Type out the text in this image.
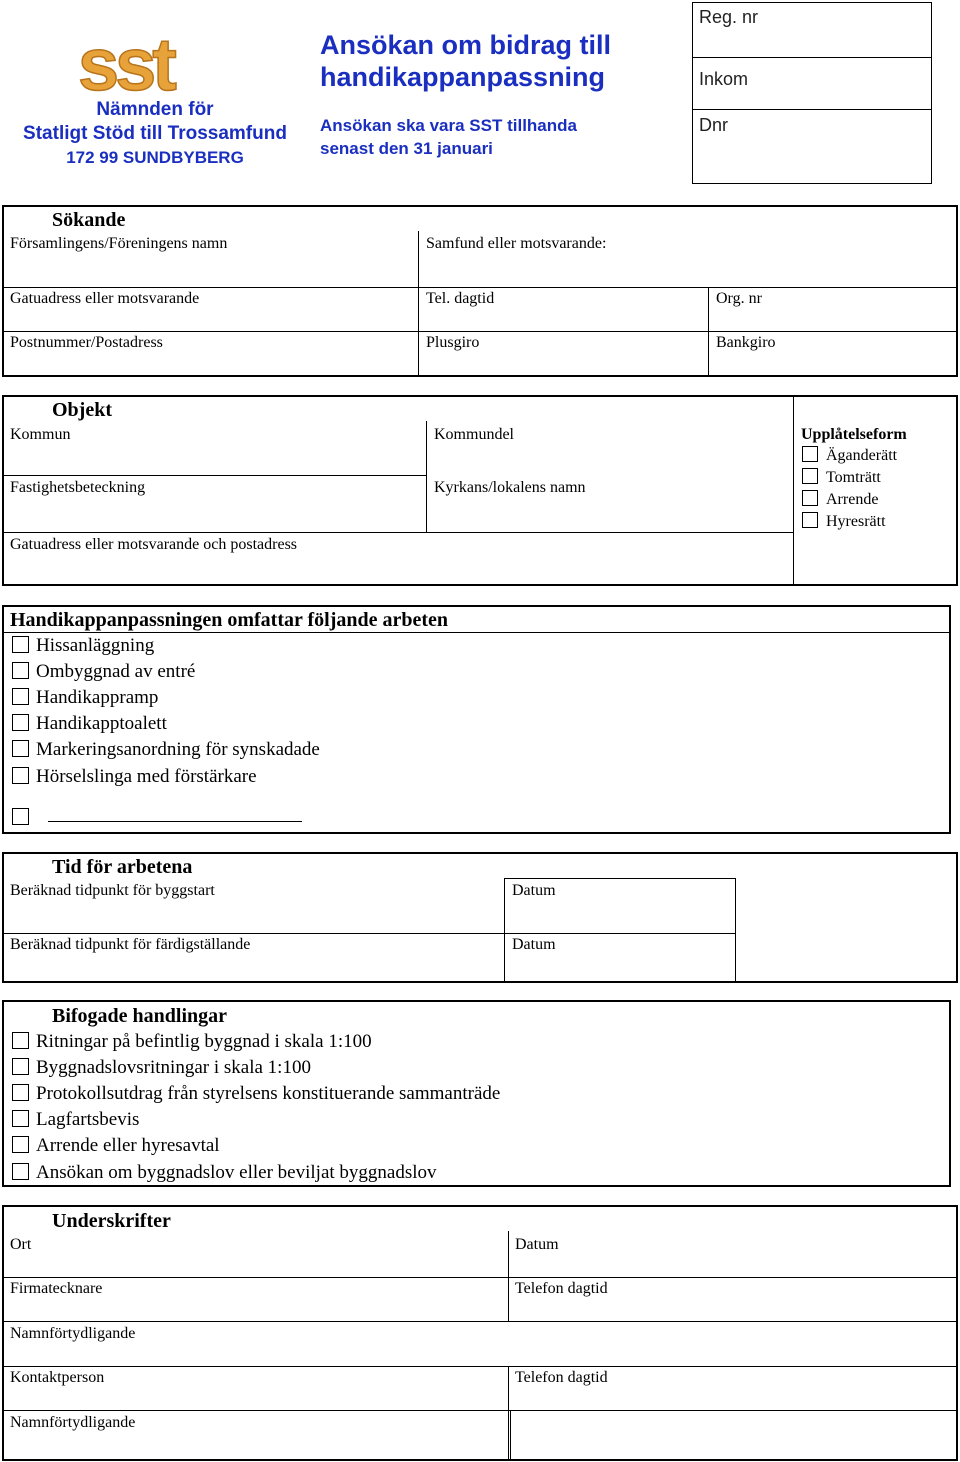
sst
Nämnden för
Statligt Stöd till Trossamfund
172 99 SUNDBYBERG
Ansökan om bidrag till
handikappanpassning
Ansökan ska vara SST tillhanda
senast den 31 januari
Reg. nr
Inkom
Dnr
Sökande
Församlingens/Föreningens namn	Samfund eller motsvarande:
Gatuadress eller motsvarande	Tel. dagtid	Org. nr
Postnummer/Postadress	Plusgiro	Bankgiro
Objekt
Kommun	Kommundel
Fastighetsbeteckning	Kyrkans/lokalens namn
Gatuadress eller motsvarande och postadress
Upplåtelseform
Äganderätt
Tomträtt
Arrende
Hyresrätt
Handikappanpassningen omfattar följande arbeten
Hissanläggning
Ombyggnad av entré
Handikappramp
Handikapptoalett
Markeringsanordning för synskadade
Hörselslinga med förstärkare
Tid för arbetena
Beräknad tidpunkt för byggstart	Datum
Beräknad tidpunkt för färdigställande	Datum
Bifogade handlingar
Ritningar på befintlig byggnad i skala 1:100
Byggnadslovsritningar i skala 1:100
Protokollsutdrag från styrelsens konstituerande sammanträde
Lagfartsbevis
Arrende eller hyresavtal
Ansökan om byggnadslov eller beviljat byggnadslov
Underskrifter
Ort	Datum
Firmatecknare	Telefon dagtid
Namnförtydligande
Kontaktperson	Telefon dagtid
Namnförtydligande
